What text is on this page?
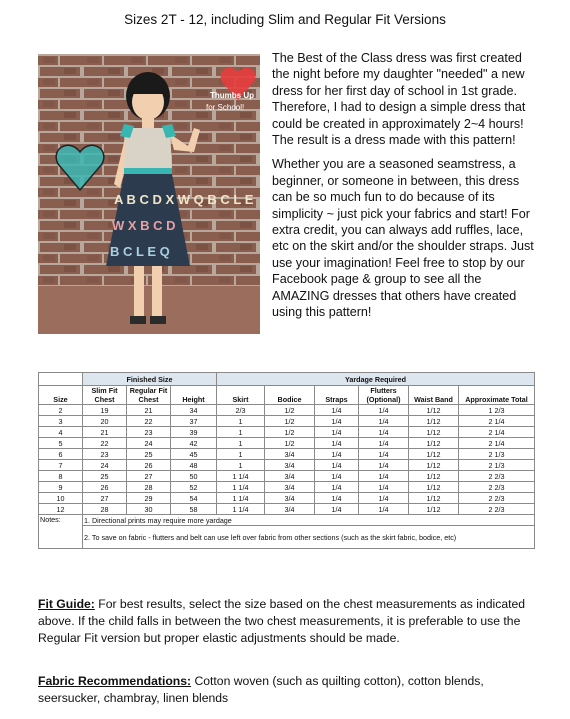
Sizes 2T - 12, including Slim and Regular Fit Versions
Thumbs Up
for School!
A B C D X W Q B C L E
W X B C D
B C L E Q

The Best of the Class dress was first created the night before my daughter "needed" a new dress for her first day of school in 1st grade. Therefore, I had to design a simple dress that could be created in approximately 2~4 hours! The result is a dress made with this pattern!

Whether you are a seasoned seamstress, a beginner, or someone in between, this dress can be so much fun to do because of its simplicity ~ just pick your fabrics and start! For extra credit, you can always add ruffles, lace, etc on the skirt and/or the shoulder straps. Just use your imagination! Feel free to stop by our Facebook page & group to see all the AMAZING dresses that others have created using this pattern!

	Finished Size			Yardage Required					
Size	Slim Fit Chest	Regular Fit Chest	Height	Skirt	Bodice	Straps	Flutters (Optional)	Waist Band	Approximate Total
2	19	21	34	2/3	1/2	1/4	1/4	1/12	1 2/3
3	20	22	37	1	1/2	1/4	1/4	1/12	2 1/4
4	21	23	39	1	1/2	1/4	1/4	1/12	2 1/4
5	22	24	42	1	1/2	1/4	1/4	1/12	2 1/4
6	23	25	45	1	3/4	1/4	1/4	1/12	2 1/3
7	24	26	48	1	3/4	1/4	1/4	1/12	2 1/3
8	25	27	50	1 1/4	3/4	1/4	1/4	1/12	2 2/3
9	26	28	52	1 1/4	3/4	1/4	1/4	1/12	2 2/3
10	27	29	54	1 1/4	3/4	1/4	1/4	1/12	2 2/3
12	28	30	58	1 1/4	3/4	1/4	1/4	1/12	2 2/3
Notes:	1. Directional prints may require more yardage								
	2. To save on fabric - flutters and belt can use left over fabric from other sections (such as the skirt fabric, bodice, etc)								
Fit Guide: For best results, select the size based on the chest measurements as indicated above. If the child falls in between the two chest measurements, it is preferable to use the Regular Fit version but proper elastic adjustments should be made.
Fabric Recommendations: Cotton woven (such as quilting cotton), cotton blends, seersucker, chambray, linen blends
